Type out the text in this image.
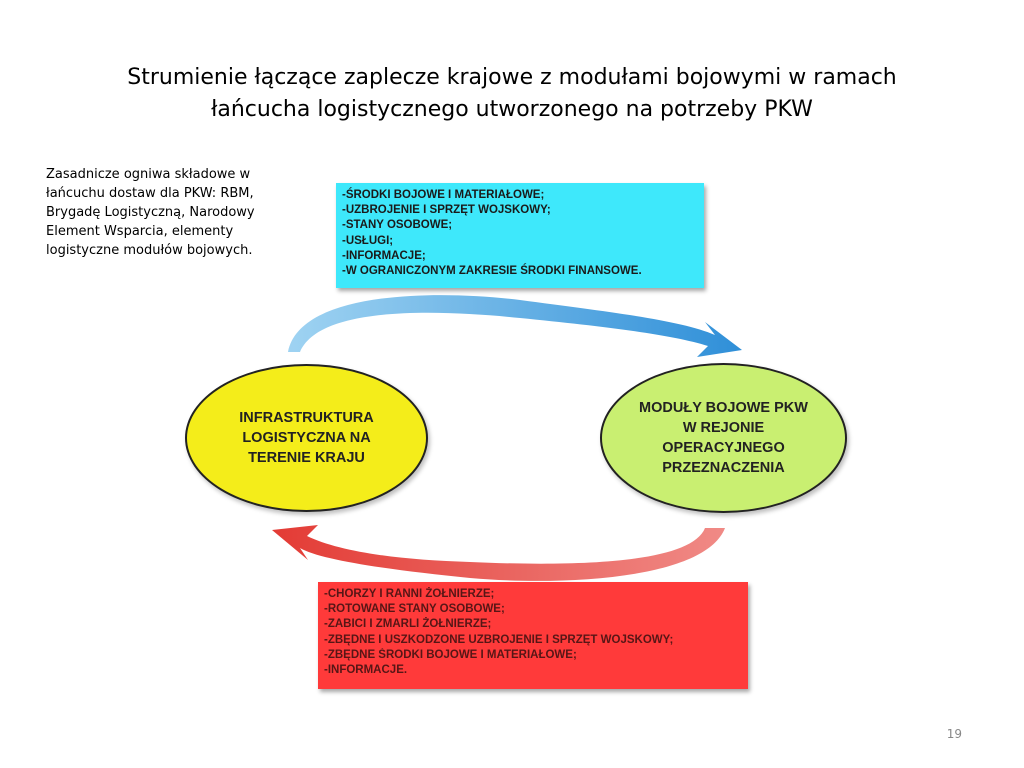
Strumienie łączące zaplecze krajowe z modułami bojowymi w ramach
łańcucha logistycznego utworzonego na potrzeby PKW
Zasadnicze ogniwa składowe w
łańcuchu dostaw dla PKW: RBM,
Brygadę Logistyczną, Narodowy
Element Wsparcia, elementy
logistyczne modułów bojowych.
-ŚRODKI BOJOWE I MATERIAŁOWE;
-UZBROJENIE I SPRZĘT WOJSKOWY;
-STANY OSOBOWE;
-USŁUGI;
-INFORMACJE;
-W OGRANICZONYM ZAKRESIE ŚRODKI FINANSOWE.
INFRASTRUKTURA
LOGISTYCZNA NA
TERENIE KRAJU
MODUŁY BOJOWE PKW
W REJONIE
OPERACYJNEGO
PRZEZNACZENIA
-CHORZY I RANNI ŻOŁNIERZE;
-ROTOWANE STANY OSOBOWE;
-ZABICI I ZMARLI ŻOŁNIERZE;
-ZBĘDNE I USZKODZONE UZBROJENIE I SPRZĘT WOJSKOWY;
-ZBĘDNE ŚRODKI BOJOWE I MATERIAŁOWE;
-INFORMACJE.
19
